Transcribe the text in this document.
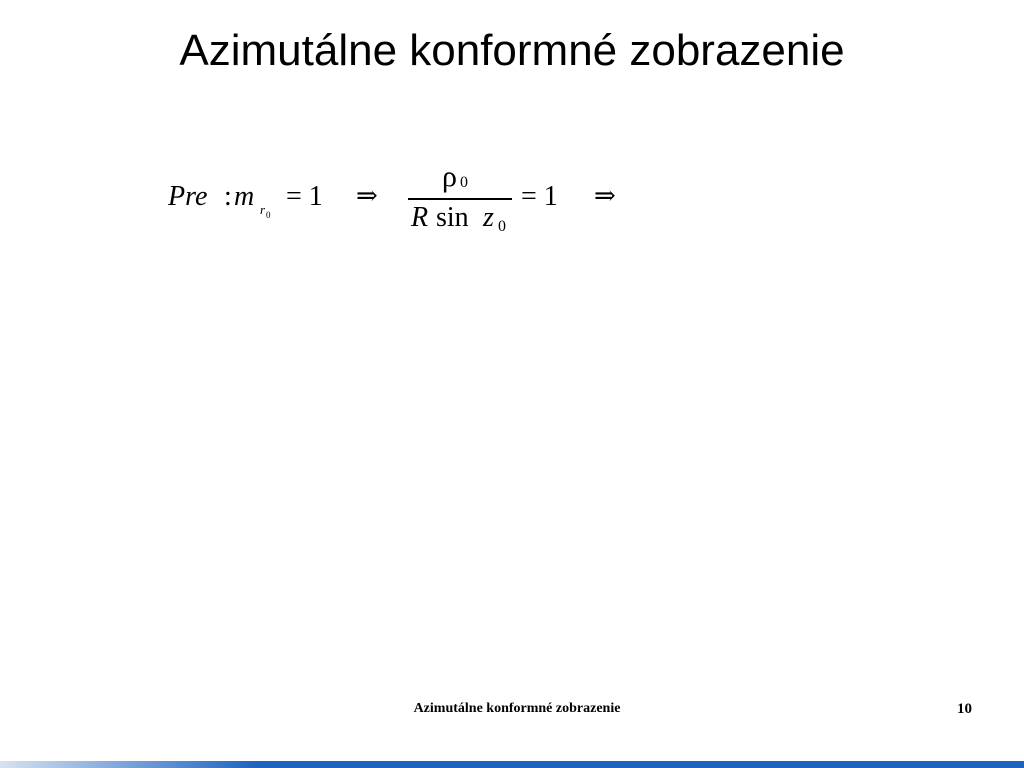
Azimutálne konformné zobrazenie
Pre : m r 0
= 1 ⇒
ρ 0
R sin z 0
= 1 ⇒
Azimutálne konformné zobrazenie	10
